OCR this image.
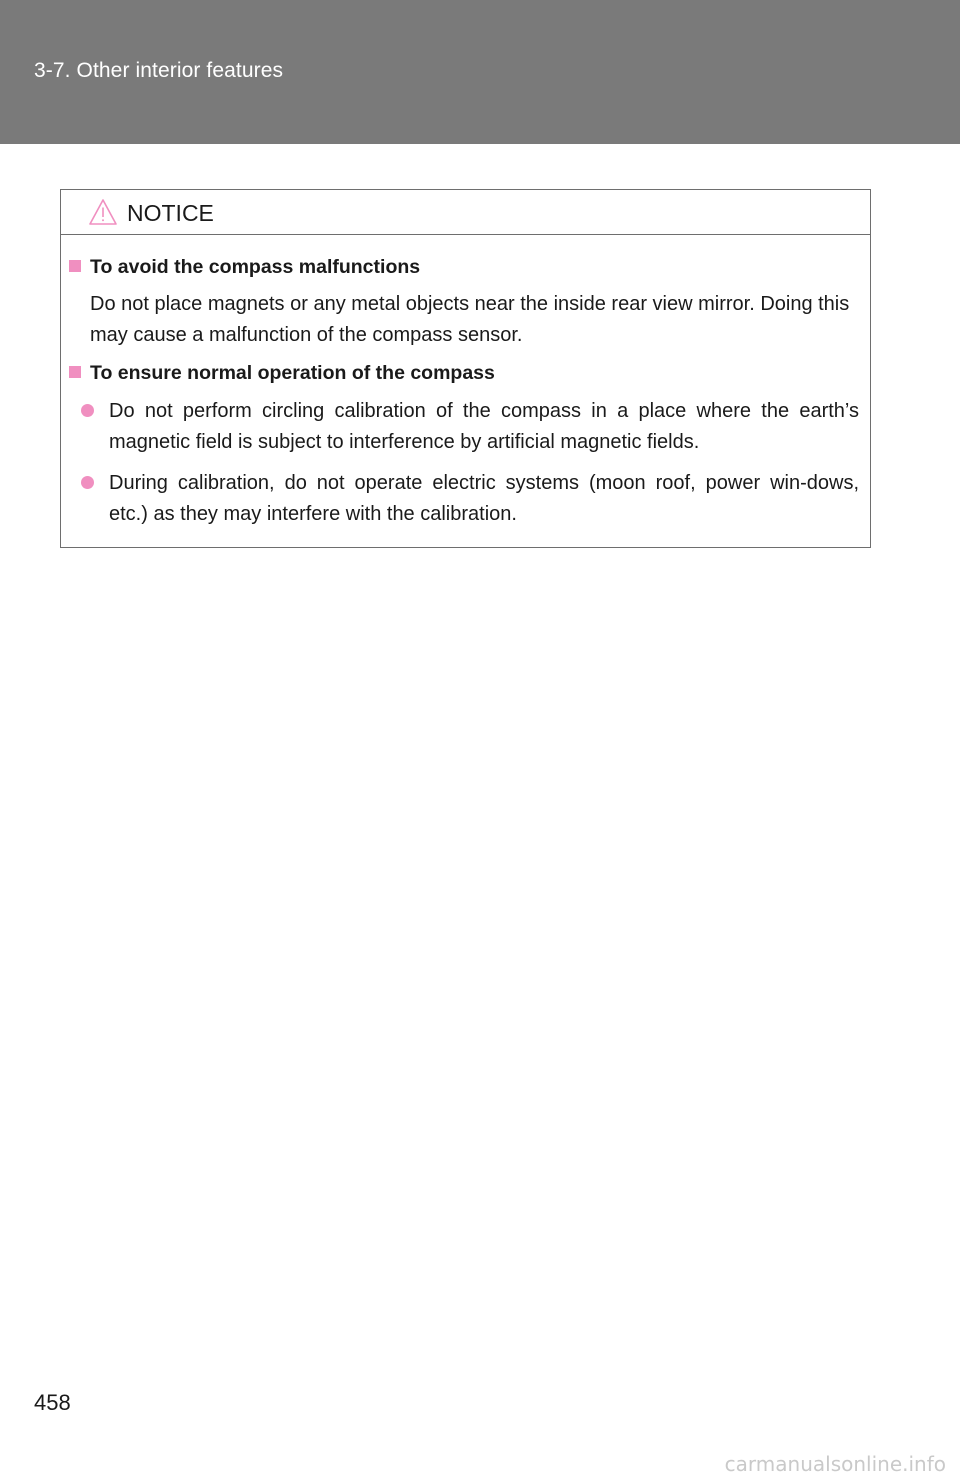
3-7. Other interior features
NOTICE
To avoid the compass malfunctions
Do not place magnets or any metal objects near the inside rear view mirror. Doing this may cause a malfunction of the compass sensor.
To ensure normal operation of the compass
Do not perform circling calibration of the compass in a place where the earth’s magnetic field is subject to interference by artificial magnetic fields.
During calibration, do not operate electric systems (moon roof, power win-dows, etc.) as they may interfere with the calibration.
458
carmanualsonline.info
